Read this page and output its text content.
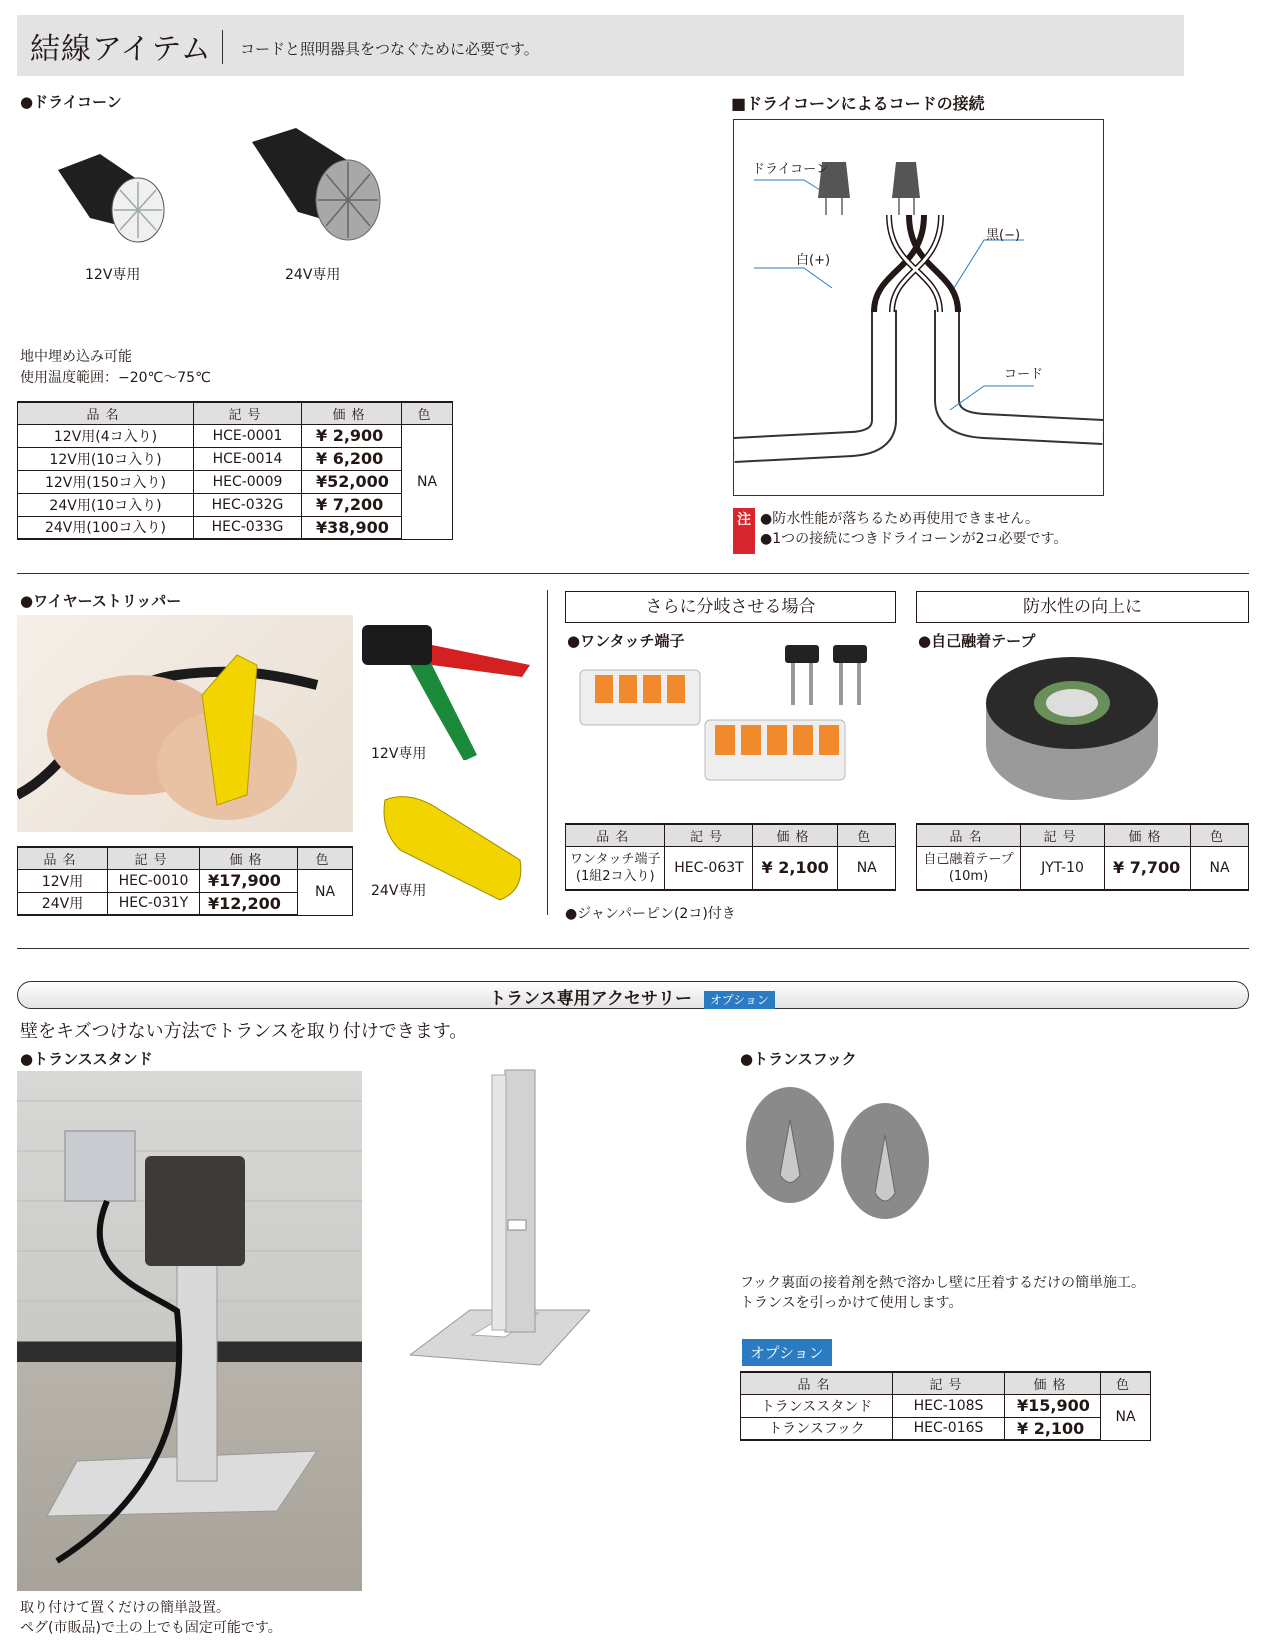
結線アイテム コードと照明器具をつなぐために必要です。
●ドライコーン
12V専用	24V専用
地中埋め込み可能
使用温度範囲：−20℃〜75℃
品名	記号	価格	色
12V用(4コ入り)	HCE-0001	¥ 2,900	NA
12V用(10コ入り)	HCE-0014	¥ 6,200	
12V用(150コ入り)	HEC-0009	¥52,000	
24V用(10コ入り)	HEC-032G	¥ 7,200	
24V用(100コ入り)	HEC-033G	¥38,900	
■ドライコーンによるコードの接続
ドライコーン
白(+)
黒(−)
コード
注 ●防水性能が落ちるため再使用できません。
●1つの接続につきドライコーンが2コ必要です。
●ワイヤーストリッパー
12V専用
24V専用
品名	記号	価格	色
12V用	HEC-0010	¥17,900	NA
24V用	HEC-031Y	¥12,200	
さらに分岐させる場合
●ワンタッチ端子
品名	記号	価格	色

ワンタッチ端子
(1組2コ入り)	HEC-063T	¥ 2,100	NA
●ジャンパーピン(2コ)付き
防水性の向上に
●自己融着テープ
品名	記号	価格	色

自己融着テープ
(10m)	JYT-10	¥ 7,700	NA
トランス専用アクセサリー オプション
壁をキズつけない方法でトランスを取り付けできます。
●トランススタンド
取り付けて置くだけの簡単設置。
ペグ(市販品)で土の上でも固定可能です。
●トランスフック
フック裏面の接着剤を熱で溶かし壁に圧着するだけの簡単施工。
トランスを引っかけて使用します。
オプション
品名	記号	価格	色
トランススタンド	HEC-108S	¥15,900	NA
トランスフック	HEC-016S	¥ 2,100	
